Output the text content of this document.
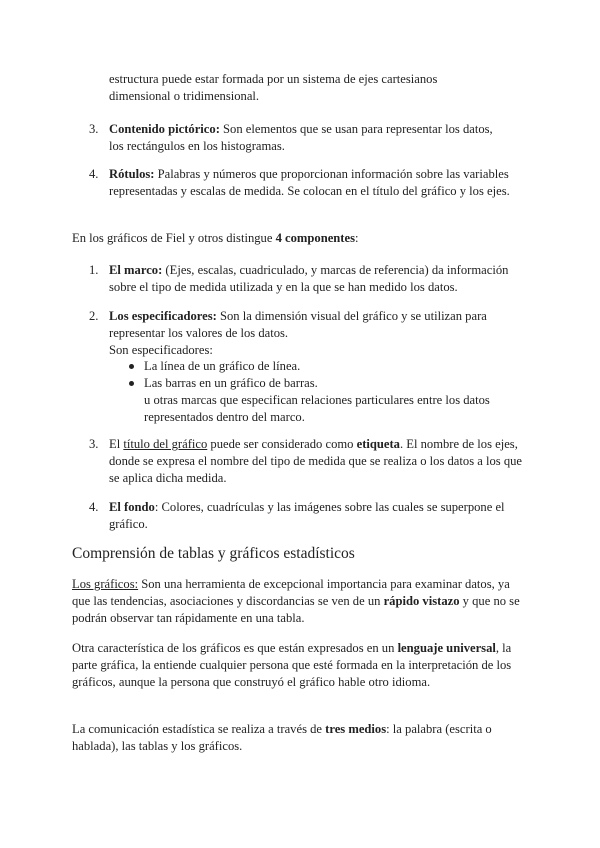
estructura puede estar formada por un sistema de ejes cartesianos dimensional o tridimensional.
3. Contenido pictórico: Son elementos que se usan para representar los datos, los rectángulos en los histogramas.
4. Rótulos: Palabras y números que proporcionan información sobre las variables representadas y escalas de medida. Se colocan en el título del gráfico y los ejes.
En los gráficos de Fiel y otros distingue 4 componentes:
1. El marco: (Ejes, escalas, cuadriculado, y marcas de referencia) da información sobre el tipo de medida utilizada y en la que se han medido los datos.
2. Los especificadores: Son la dimensión visual del gráfico y se utilizan para representar los valores de los datos.
Son especificadores:
La línea de un gráfico de línea.
Las barras en un gráfico de barras.
u otras marcas que especifican relaciones particulares entre los datos representados dentro del marco.
3. El título del gráfico puede ser considerado como etiqueta. El nombre de los ejes, donde se expresa el nombre del tipo de medida que se realiza o los datos a los que se aplica dicha medida.
4. El fondo: Colores, cuadrículas y las imágenes sobre las cuales se superpone el gráfico.
Comprensión de tablas y gráficos estadísticos
Los gráficos: Son una herramienta de excepcional importancia para examinar datos, ya que las tendencias, asociaciones y discordancias se ven de un rápido vistazo y que no se podrán observar tan rápidamente en una tabla.
Otra característica de los gráficos es que están expresados en un lenguaje universal, la parte gráfica, la entiende cualquier persona que esté formada en la interpretación de los gráficos, aunque la persona que construyó el gráfico hable otro idioma.
La comunicación estadística se realiza a través de tres medios: la palabra (escrita o hablada), las tablas y los gráficos.
